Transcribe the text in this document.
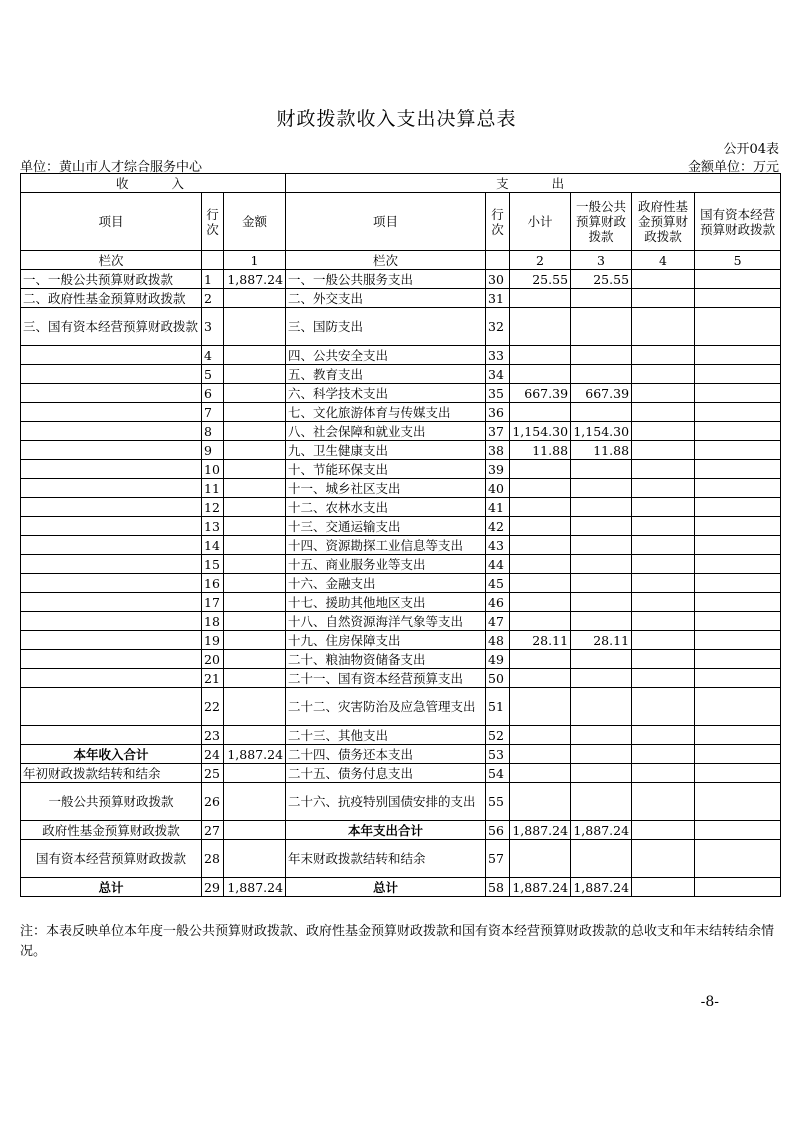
财政拨款收入支出决算总表
公开04表
单位：黄山市人才综合服务中心	金额单位：万元
收　　入			支　　出					
项目	行次	金额	项目	行次	小计	一般公共预算财政拨款	政府性基金预算财政拨款	国有资本经营预算财政拨款
栏次		1	栏次		2	3	4	5
一、一般公共预算财政拨款	1	1,887.24	一、一般公共服务支出	30	25.55	25.55		
二、政府性基金预算财政拨款	2		二、外交支出	31				
三、国有资本经营预算财政拨款	3		三、国防支出	32				
	4		四、公共安全支出	33				
	5		五、教育支出	34				
	6		六、科学技术支出	35	667.39	667.39		
	7		七、文化旅游体育与传媒支出	36				
	8		八、社会保障和就业支出	37	1,154.30	1,154.30		
	9		九、卫生健康支出	38	11.88	11.88		
	10		十、节能环保支出	39				
	11		十一、城乡社区支出	40				
	12		十二、农林水支出	41				
	13		十三、交通运输支出	42				
	14		十四、资源勘探工业信息等支出	43				
	15		十五、商业服务业等支出	44				
	16		十六、金融支出	45				
	17		十七、援助其他地区支出	46				
	18		十八、自然资源海洋气象等支出	47				
	19		十九、住房保障支出	48	28.11	28.11		
	20		二十、粮油物资储备支出	49				
	21		二十一、国有资本经营预算支出	50				
	22		二十二、灾害防治及应急管理支出	51				
	23		二十三、其他支出	52				
本年收入合计	24	1,887.24	二十四、债务还本支出	53				
年初财政拨款结转和结余	25		二十五、债务付息支出	54				
一般公共预算财政拨款	26		二十六、抗疫特别国债安排的支出	55				
政府性基金预算财政拨款	27		本年支出合计	56	1,887.24	1,887.24		
国有资本经营预算财政拨款	28		年末财政拨款结转和结余	57				
总计	29	1,887.24	总计	58	1,887.24	1,887.24		
注：本表反映单位本年度一般公共预算财政拨款、政府性基金预算财政拨款和国有资本经营预算财政拨款的总收支和年末结转结余情况。
-8-
